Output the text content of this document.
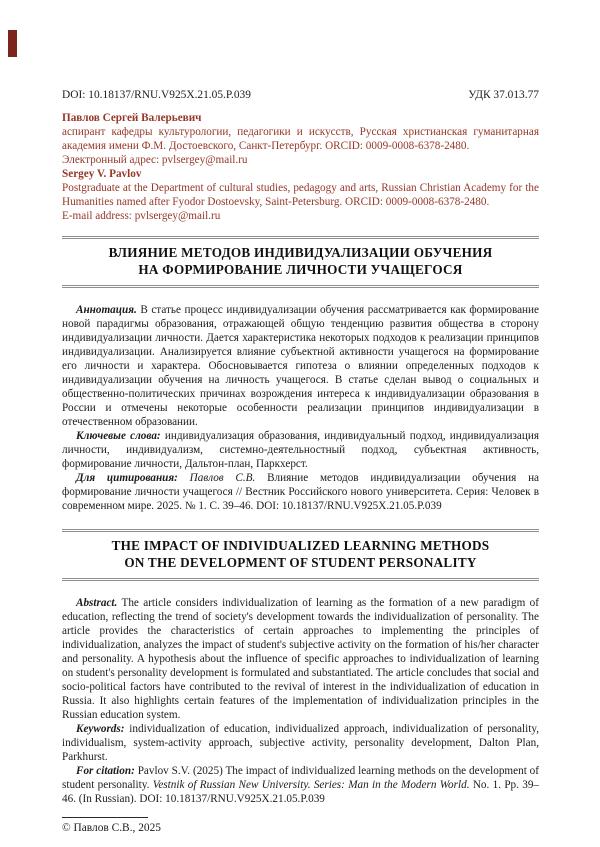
DOI: 10.18137/RNU.V925X.21.05.P.039	УДК 37.013.77
Павлов Сергей Валерьевич
аспирант кафедры культурологии, педагогики и искусств, Русская христианская гуманитарная академия имени Ф.М. Достоевского, Санкт-Петербург. ORCID: 0009-0008-6378-2480.
Электронный адрес: pvlsergey@mail.ru
Sergey V. Pavlov
Postgraduate at the Department of cultural studies, pedagogy and arts, Russian Christian Academy for the Humanities named after Fyodor Dostoevsky, Saint-Petersburg. ORCID: 0009-0008-6378-2480.
E-mail address: pvlsergey@mail.ru
ВЛИЯНИЕ МЕТОДОВ ИНДИВИДУАЛИЗАЦИИ ОБУЧЕНИЯ
НА ФОРМИРОВАНИЕ ЛИЧНОСТИ УЧАЩЕГОСЯ

Аннотация. В статье процесс индивидуализации обучения рассматривается как формирование новой парадигмы образования, отражающей общую тенденцию развития общества в сторону индивидуализации личности. Дается характеристика некоторых подходов к реализации принципов индивидуализации. Анализируется влияние субъектной активности учащегося на формирование его личности и характера. Обосновывается гипотеза о влиянии определенных подходов к индивидуализации обучения на личность учащегося. В статье сделан вывод о социальных и общественно-политических причинах возрождения интереса к индивидуализации образования в России и отмечены некоторые особенности реализации принципов индивидуализации в отечественном образовании.

Ключевые слова: индивидуализация образования, индивидуальный подход, индивидуализация личности, индивидуализм, системно-деятельностный подход, субъектная активность, формирование личности, Дальтон-план, Паркхерст.

Для цитирования: Павлов С.В. Влияние методов индивидуализации обучения на формирование личности учащегося // Вестник Российского нового университета. Серия: Человек в современном мире. 2025. № 1. С. 39–46. DOI: 10.18137/RNU.V925X.21.05.P.039

THE IMPACT OF INDIVIDUALIZED LEARNING METHODS
ON THE DEVELOPMENT OF STUDENT PERSONALITY

Abstract. The article considers individualization of learning as the formation of a new paradigm of education, reflecting the trend of society's development towards the individualization of personality. The article provides the characteristics of certain approaches to implementing the principles of individualization, analyzes the impact of student's subjective activity on the formation of his/her character and personality. A hypothesis about the influence of specific approaches to individualization of learning on student's personality development is formulated and substantiated. The article concludes that social and socio-political factors have contributed to the revival of interest in the individualization of education in Russia. It also highlights certain features of the implementation of individualization principles in the Russian education system.

Keywords: individualization of education, individualized approach, individualization of personality, individualism, system-activity approach, subjective activity, personality development, Dalton Plan, Parkhurst.

For citation: Pavlov S.V. (2025) The impact of individualized learning methods on the development of student personality. Vestnik of Russian New University. Series: Man in the Modern World. No. 1. Pp. 39–46. (In Russian). DOI: 10.18137/RNU.V925X.21.05.P.039

© Павлов С.В., 2025
